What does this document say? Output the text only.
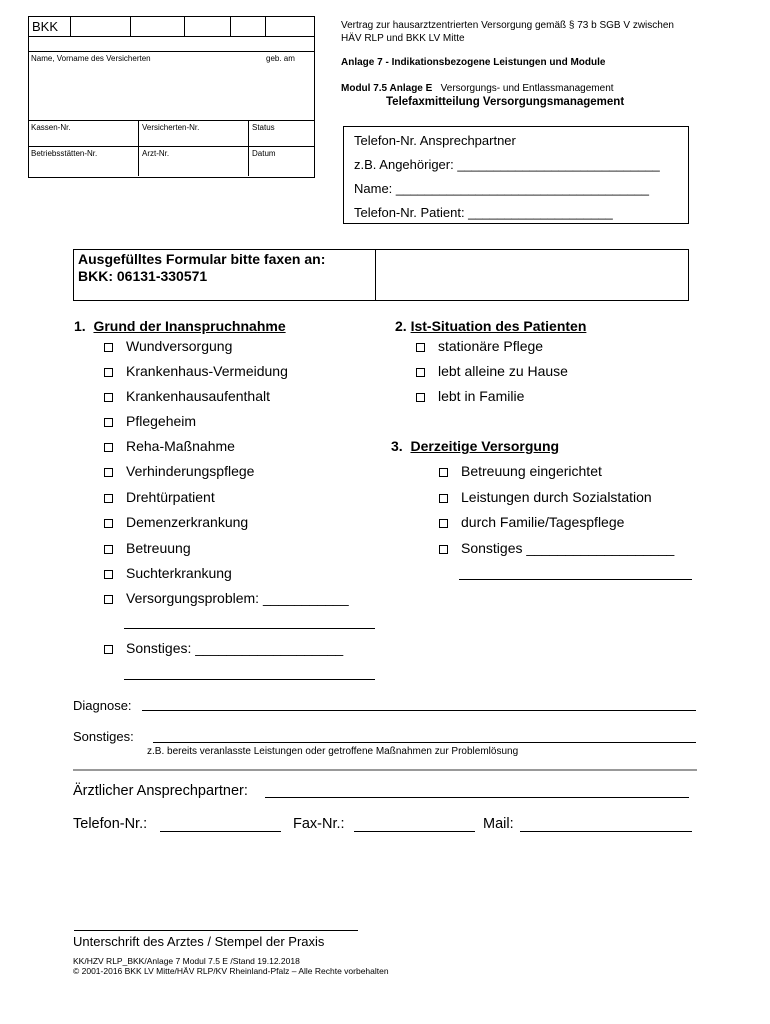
BKK
Name, Vorname des Versicherten	geb. am
Kassen-Nr.	Versicherten-Nr.	Status
Betriebsstätten-Nr.	Arzt-Nr.	Datum
Vertrag zur hausarztzentrierten Versorgung gemäß § 73 b SGB V zwischen
HÄV RLP und BKK LV Mitte
Anlage 7 - Indikationsbezogene Leistungen und Module
Modul 7.5 Anlage E Versorgungs- und Entlassmanagement
Telefaxmitteilung Versorgungsmanagement
Telefon-Nr. Ansprechpartner
z.B. Angehöriger: ____________________________
Name: ___________________________________
Telefon-Nr. Patient: ____________________
Ausgefülltes Formular bitte faxen an:
BKK: 06131-330571
1. Grund der Inanspruchnahme
Wundversorgung
Krankenhaus-Vermeidung
Krankenhausaufenthalt
Pflegeheim
Reha-Maßnahme
Verhinderungspflege
Drehtürpatient
Demenzerkrankung
Betreuung
Suchterkrankung
Versorgungsproblem: ___________
Sonstiges: ___________________
2. Ist-Situation des Patienten
stationäre Pflege
lebt alleine zu Hause
lebt in Familie
3. Derzeitige Versorgung
Betreuung eingerichtet
Leistungen durch Sozialstation
durch Familie/Tagespflege
Sonstiges ___________________
Diagnose:
Sonstiges:
z.B. bereits veranlasste Leistungen oder getroffene Maßnahmen zur Problemlösung
Ärztlicher Ansprechpartner:
Telefon-Nr.:	Fax-Nr.:	Mail:
Unterschrift des Arztes / Stempel der Praxis
KK/HZV RLP_BKK/Anlage 7 Modul 7.5 E /Stand 19.12.2018
© 2001-2016 BKK LV Mitte/HÄV RLP/KV Rheinland-Pfalz – Alle Rechte vorbehalten
